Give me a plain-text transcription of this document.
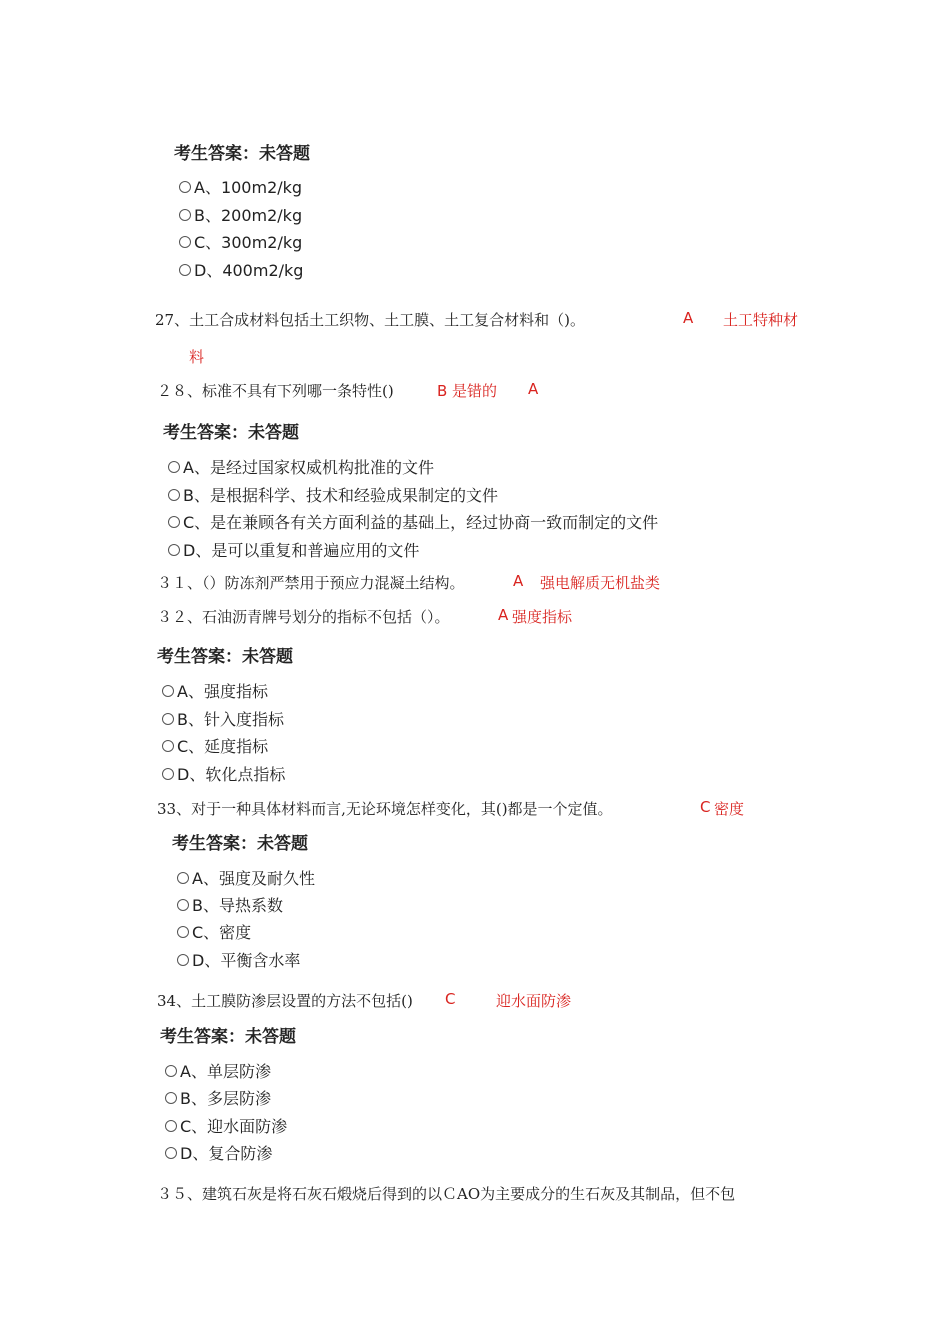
考生答案：未答题
A、100m2/kg
B、200m2/kg
C、300m2/kg
D、400m2/kg
27、土工合成材料包括土工织物、土工膜、土工复合材料和（)。	A 土工特种材
料
２８、标准不具有下列哪一条特性()	B 是错的 A
考生答案：未答题
A、是经过国家权威机构批准的文件
B、是根据科学、技术和经验成果制定的文件
C、是在兼顾各有关方面利益的基础上，经过协商一致而制定的文件
D、是可以重复和普遍应用的文件
３１、（）防冻剂严禁用于预应力混凝土结构。	A 强电解质无机盐类
３２、石油沥青牌号划分的指标不包括（）。	A 强度指标
考生答案：未答题
A、强度指标
B、针入度指标
C、延度指标
D、软化点指标
33、对于一种具体材料而言,无论环境怎样变化，其()都是一个定值。	C 密度
考生答案：未答题
A、强度及耐久性
B、导热系数
C、密度
D、平衡含水率
34、土工膜防渗层设置的方法不包括() C	迎水面防渗
考生答案：未答题
A、单层防渗
B、多层防渗
C、迎水面防渗
D、复合防渗
３５、建筑石灰是将石灰石煅烧后得到的以ＣAO为主要成分的生石灰及其制品，但不包
